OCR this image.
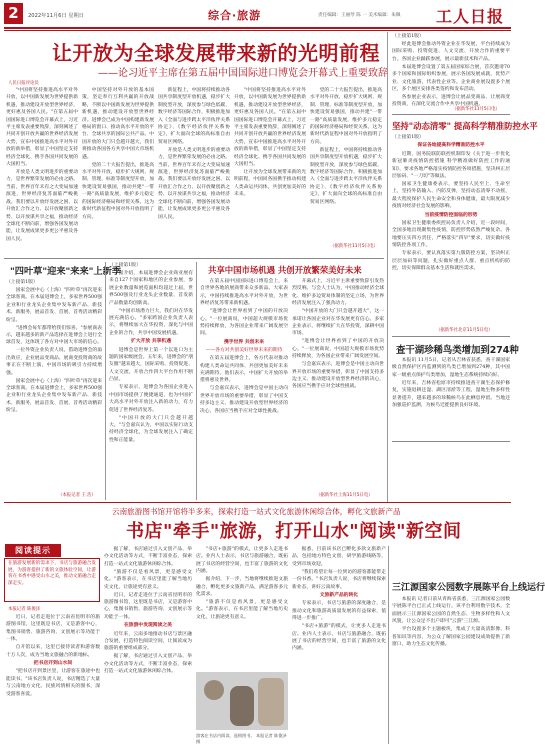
2	2022年11月6日 星期日	综合·旅游	责任编辑：王丽琴 陈 一 美术编辑：朱佩 工人日报
让开放为全球发展带来新的光明前程
——论习近平主席在第五届中国国际进口博览会开幕式上重要致辞
人民日报评论员

"中国将坚持推进高水平对外开放，以中国新发展为世界提供新机遇，推动建设开放型世界经济，更好惠及各国人民。"在第五届中国国际进口博览会开幕式上，习近平主席发表重要致辞，深刻阐述了共同开创开放共赢的世界经济发展大势，宣布中国推进高水平对外开放的新举措，彰显了中国坚定支持经济全球化、携手各国共同发展的大国担当。

开放是人类文明进步的重要动力，是世界繁荣发展的必由之路。当前，世界百年未有之大变局加速演进，世界经济复苏面临严峻挑战。我们要以开放纾发展之困、以开放汇合作之力、以开放聚创新之势、以开放谋共享之福，推动经济全球化不断向前，增强各国发展动能，让发展成果更多更公平惠及各国人民。

中国坚持对外开放的基本国策，坚定奉行互利共赢的开放战略，不断以中国新发展为世界提供新机遇，推动建设开放型世界经济。进博会已成为中国构建新发展格局的窗口、推动高水平开放的平台、全球共享的国际公共产品。中国开放的大门只会越开越大，我们将推动各国各方共享中国大市场机遇。

党的二十大报告提出，推进高水平对外开放，稳步扩大规则、规制、管理、标准等制度型开放，加快建设贸易强国，推动共建"一带一路"高质量发展，维护多元稳定的国际经济格局和经贸关系。这为新时代新征程中国对外开放指明了方向。

新征程上，中国将持续推动各国共享制度型开放机遇，稳步扩大制度型开放，深度参与绿色低碳、数字经济等国际合作，积极推进加入《全面与进步跨太平洋伙伴关系协定》、《数字经济伙伴关系协定》，扩大面向全球的高标准自由贸易区网络。

开放是人类文明进步的重要动力，是世界繁荣发展的必由之路。当前，世界百年未有之大变局加速演进，世界经济复苏面临严峻挑战。我们要以开放纾发展之困、以开放汇合作之力、以开放聚创新之势、以开放谋共享之福，推动经济全球化不断向前，增强各国发展动能，让发展成果更多更公平惠及各国人民。

"中国将坚持推进高水平对外开放，以中国新发展为世界提供新机遇，推动建设开放型世界经济，更好惠及各国人民。"在第五届中国国际进口博览会开幕式上，习近平主席发表重要致辞，深刻阐述了共同开创开放共赢的世界经济发展大势，宣布中国推进高水平对外开放的新举措，彰显了中国坚定支持经济全球化、携手各国共同发展的大国担当。

让开放为全球发展带来新的光明前程，中国同各国携手推动构建人类命运共同体，共创更加美好的未来。

党的二十大报告提出，推进高水平对外开放，稳步扩大规则、规制、管理、标准等制度型开放，加快建设贸易强国，推动共建"一带一路"高质量发展，维护多元稳定的国际经济格局和经贸关系。这为新时代新征程中国对外开放指明了方向。

新征程上，中国将持续推动各国共享制度型开放机遇，稳步扩大制度型开放，深度参与绿色低碳、数字经济等国际合作，积极推进加入《全面与进步跨太平洋伙伴关系协定》、《数字经济伙伴关系协定》，扩大面向全球的高标准自由贸易区网络。

（据新华社11月5日电）

（上接第1版）

经此进博会推动外资企业在华发展，平台持续成为国际采购、投资促进、人文交流、开放合作的重要平台。各国企业踊跃参展，展示最新技术和产品。

本届进博会设置了第五届国家综合展，首次邀请70多个国家和国际组织参展，展示各国发展成就、优势产业、文化旅游、代表性企业等。企业商业展设置多个展区，多个展区安排各类签约和发布活动。

各参展企业表示，进博会让展品变商品、让展商变投资商，在深化交流合作中共享中国机遇。

（据新华社11月5日电）
坚持"动态清零" 提高科学精准防控水平

（上接第1版）

保证各地提高科学精准防控水平

近期，国务院联防联控机制印发《关于进一步优化新冠肺炎疫情防控措施 科学精准做好防控工作的通知》，要求各地严格落实疫情防控各项措施，坚决纠正层层加码、"一刀切"等做法。

国家卫生健康委表示，要坚持人民至上、生命至上，坚持外防输入、内防反弹，坚持动态清零不动摇，最大程度保护人民生命安全和身体健康，最大限度减少疫情对经济社会发展的影响。

当前疫情防控面临的形势

国家卫生健康委疾控局负责人介绍，近一段时间，全国多地出现聚集性疫情，防控形势依然严峻复杂。各地要压实四方责任，严格落实"四早"要求，切实做好疫情防控各项工作。

专家表示，要认真落实第九版防控方案，坚决纠正层层加码等问题，扎实做好重点人群、重点机构的防控，切实保障群众基本生活和就医需求。

（据新华社北京11月5日电）
查干湖珍稀鸟类增加到274种

本报讯 11月5日，记者从吉林省获悉，查干湖国家级自然保护区内监测到的鸟类已增加到274种，其中国家一级重点保护鸟类增加，湿地生态系统持续向好。

近年来，吉林省松原市持续推进查干湖生态保护修复，实施退耕还湿、湖区清淤等工程，湿地生物多样性显著提升，越来越多的珍稀候鸟在此栖息停留。当地还加强巡护监测，为候鸟迁徙提供良好环境。

三江源国家公园数字展陈平台上线运行

本报讯 记者日前从青海省获悉，三江源国家公园数字展陈平台已正式上线运行。该平台利用数字技术，全面展示三江源国家公园的自然生态、生物多样性和人文风貌，让公众足不出户即可"云游"三江源。

平台设置多个主题板块，集成了大量高清影像、科普知识等内容，为公众了解国家公园建设成效提供了新窗口，助力生态文化传播。

"四叶草"迎来"来来"上新季

（上接第1版）

国家会展中心（上海）"四叶草"再次迎来全球客商。在本届进博会上，多家世界500强企业和行业龙头企业集中发布新产品、新技术、新服务，展品首发、首展、首秀活动精彩纷呈。

"进博会每年都带给我们惊喜。"参展商表示，越来越多的新产品选择在进博会上进行全球首发，这体现了各方对中国大市场的信心。

一位外资企业负责人说，借助进博会的溢出效应，企业展品变商品、展商变投资商的故事正在不断上演，中国市场的吸引力持续增强。

国家会展中心（上海）"四叶草"再次迎来全球客商。在本届进博会上，多家世界500强企业和行业龙头企业集中发布新产品、新技术、新服务，展品首发、首展、首秀活动精彩纷呈。

（本报记者 王 浩）

（上接第1版）

据介绍，本届进博会企业商业展有来自127个国家和地区的企业参展，参展企业数量和展览面积均超过上届，世界500强及行业龙头企业数量、首发新产品数量均创新高。

"中国市场潜力巨大，我们对在华发展充满信心。"多家跨国企业负责人表示，将继续加大在华投资，深化与中国企业的合作，共享中国发展机遇。

扩大开放 共享机遇

进博会是世界上第一个以进口为主题的国家级展会。五年来，进博会的"朋友圈"越来越大，国际采购、投资促进、人文交流、开放合作四大平台作用不断凸显。

专家表示，进博会为各国企业进入中国市场提供了便捷通道，也为中国扩大高水平对外开放注入新的动力，有力促进了世界经济复苏。

"中国开放的大门只会越开越大。"与会嘉宾认为，中国以实际行动支持经济全球化，为全球发展注入了确定性和正能量。

共享中国市场机遇 共创开放繁荣美好未来

在第五届中国国际进口博览会上，来自世界各地的展商带来众多新品。大家表示，中国持续推进高水平对外开放，为世界经济复苏带来新机遇。

"进博会让世界看到了中国的开放决心。"一位展商说，中国超大规模市场优势持续释放，为各国企业带来广阔发展空间。

携手世界 共创未来

——各方对共创美好世界未来的期待

在第五届进博会上，各方代表对推动构建人类命运共同体、共创更加美好未来充满期待。他们表示，中国扩大开放的举措将惠及世界。

与会嘉宾表示，进博会是中国主动向世界开放市场的重要举措，彰显了中国支持多边主义、推动建设开放型世界经济的决心，各国应当携手应对全球性挑战。

开幕式上，习近平主席重要致辞引发热烈反响。与会人士认为，中国推动经济全球化、维护多边贸易体制的坚定立场，为世界经济发展注入了强劲动力。

"中国开放的大门只会越开越大"，这一承诺让各国企业对在华发展更有信心。多家企业表示，将继续扩大在华投资，深耕中国市场。

"进博会让世界看到了中国的开放决心。"一位展商说，中国超大规模市场优势持续释放，为各国企业带来广阔发展空间。

与会嘉宾表示，进博会是中国主动向世界开放市场的重要举措，彰显了中国支持多边主义、推动建设开放型世界经济的决心，各国应当携手应对全球性挑战。

（据新华社上海11月5日电）
云南旅游图书馆开馆将半多来，探索打造一站式文化旅游休闲综合体，孵化文旅新产品
书店"牵手"旅游，打开山水"阅读"新空间
阅读提示
在旅游发展新的需求下，书店与旅游融合发展，为游客提供了新的文旅体验空间，让游客在书香中感受山水之美，推动文旅融合走深走实。
本报记者 陈俊泽

近日，记者走进位于云南省昆明市的旅游图书馆，这里既是书店，又是游客中心，集图书销售、旅游咨询、文创展示等功能于一体。

自开馆以来，这里已接待读者和游客数十万人次，成为当地文旅融合的新地标。

把书店开到山水间

"把书店开到景区里，让游客在旅途中也能读书。"该书店负责人说，书店精选了大量与云南地方文化、民族风情相关的图书，深受游客喜爱。

据了解，书店通过引入文创产品、举办文化活动等方式，不断丰富业态，探索打造一站式文化旅游休闲综合体。

"旅游不仅是看风景，更是感受文化。"游客表示，在书店里能了解当地历史文化，让旅途更有意义。

近日，记者走进位于云南省昆明市的旅游图书馆，这里既是书店，又是游客中心，集图书销售、旅游咨询、文创展示等功能于一体。

在旅游中发现阅读之美

近年来，云南多地推动书店与景区融合发展，打造特色阅读空间，让阅读成为旅游的重要组成部分。

据了解，书店通过引入文创产品、举办文化活动等方式，不断丰富业态，探索打造一站式文化旅游休闲综合体。

"书店+旅游"的模式，让更多人走进书店。业内人士表示，书店与旅游融合，既拓展了书店的经营空间，也丰富了旅游的文化内涵。

据介绍，下一步，当地将继续推进文旅融合，孵化更多文旅新产品，满足游客多元化需求。

"旅游不仅是看风景，更是感受文化。"游客表示，在书店里能了解当地历史文化，让旅途更有意义。

游客在书店内阅读、选购图书。 本报记者 陈俊泽摄

据悉，目前该书店已孵化多款文旅新产品，包括地方特色文创、研学旅游线路等，受到市场欢迎。

"我们希望让每一位到访的游客都能带走一份书香。"书店负责人说，书店将继续探索新业态，讲好云南故事。

文旅新产品的转化

专家表示，书店与旅游的深度融合，是推动文化和旅游高质量发展的有益探索，值得进一步推广。

"书店+旅游"的模式，让更多人走进书店。业内人士表示，书店与旅游融合，既拓展了书店的经营空间，也丰富了旅游的文化内涵。
